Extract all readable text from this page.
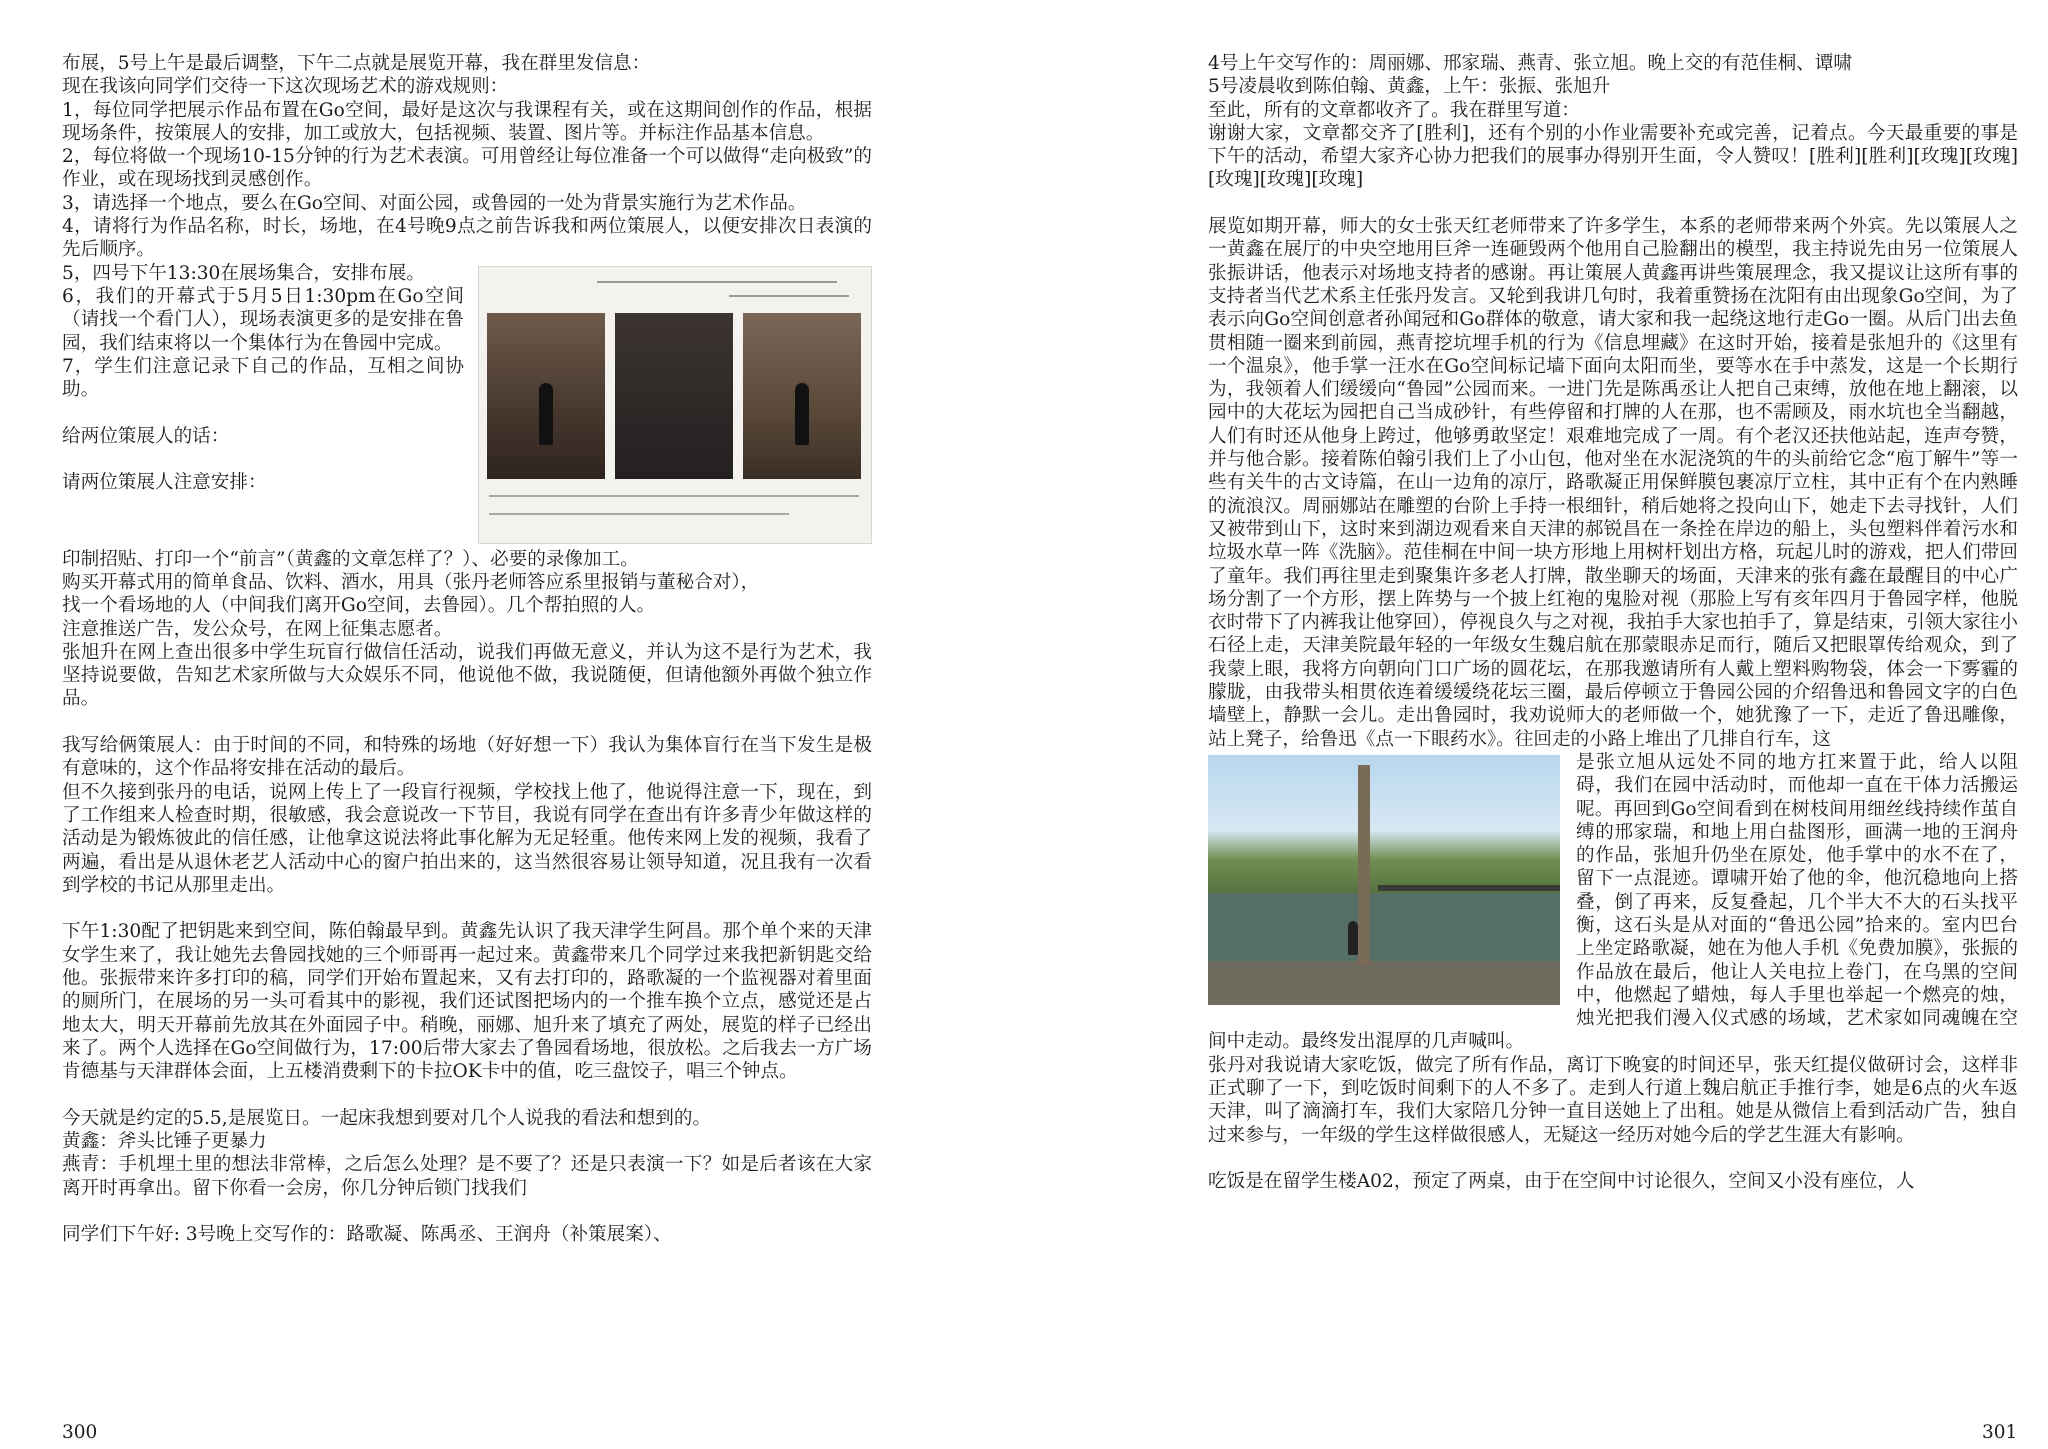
布展，5号上午是最后调整，下午二点就是展览开幕，我在群里发信息：

现在我该向同学们交待一下这次现场艺术的游戏规则：

1，每位同学把展示作品布置在Go空间，最好是这次与我课程有关，或在这期间创作的作品，根据现场条件，按策展人的安排，加工或放大，包括视频、装置、图片等。并标注作品基本信息。

2，每位将做一个现场10-15分钟的行为艺术表演。可用曾经让每位准备一个可以做得“走向极致”的作业，或在现场找到灵感创作。

3，请选择一个地点，要么在Go空间、对面公园，或鲁园的一处为背景实施行为艺术作品。

4，请将行为作品名称，时长，场地，在4号晚9点之前告诉我和两位策展人，以便安排次日表演的先后顺序。

5，四号下午13:30在展场集合，安排布展。

6，我们的开幕式于5月5日1:30pm在Go空间（请找一个看门人），现场表演更多的是安排在鲁园，我们结束将以一个集体行为在鲁园中完成。

7，学生们注意记录下自己的作品，互相之间协助。

给两位策展人的话：

请两位策展人注意安排：

印制招贴、打印一个“前言”（黄鑫的文章怎样了？）、必要的录像加工。

购买开幕式用的简单食品、饮料、酒水，用具（张丹老师答应系里报销与董秘合对），

找一个看场地的人（中间我们离开Go空间，去鲁园）。几个帮拍照的人。

注意推送广告，发公众号，在网上征集志愿者。

张旭升在网上查出很多中学生玩盲行做信任活动，说我们再做无意义，并认为这不是行为艺术，我坚持说要做，告知艺术家所做与大众娱乐不同，他说他不做，我说随便，但请他额外再做个独立作品。

我写给俩策展人：由于时间的不同，和特殊的场地（好好想一下）我认为集体盲行在当下发生是极有意味的，这个作品将安排在活动的最后。

但不久接到张丹的电话，说网上传上了一段盲行视频，学校找上他了，他说得注意一下，现在，到了工作组来人检查时期，很敏感，我会意说改一下节目，我说有同学在查出有许多青少年做这样的活动是为锻炼彼此的信任感，让他拿这说法将此事化解为无足轻重。他传来网上发的视频，我看了两遍，看出是从退休老艺人活动中心的窗户拍出来的，这当然很容易让领导知道，况且我有一次看到学校的书记从那里走出。

下午1:30配了把钥匙来到空间，陈伯翰最早到。黄鑫先认识了我天津学生阿昌。那个单个来的天津女学生来了，我让她先去鲁园找她的三个师哥再一起过来。黄鑫带来几个同学过来我把新钥匙交给他。张振带来许多打印的稿，同学们开始布置起来，又有去打印的，路歌凝的一个监视器对着里面的厕所门，在展场的另一头可看其中的影视，我们还试图把场内的一个推车换个立点，感觉还是占地太大，明天开幕前先放其在外面园子中。稍晚，丽娜、旭升来了填充了两处，展览的样子已经出来了。两个人选择在Go空间做行为，17:00后带大家去了鲁园看场地，很放松。之后我去一方广场肯德基与天津群体会面，上五楼消费剩下的卡拉OK卡中的值，吃三盘饺子，唱三个钟点。

今天就是约定的5.5,是展览日。一起床我想到要对几个人说我的看法和想到的。

黄鑫：斧头比锤子更暴力

燕青：手机埋土里的想法非常棒，之后怎么处理？是不要了？还是只表演一下？如是后者该在大家离开时再拿出。留下你看一会房，你几分钟后锁门找我们

同学们下午好: 3号晚上交写作的：路歌凝、陈禹丞、王润舟（补策展案）、

300

4号上午交写作的：周丽娜、邢家瑞、燕青、张立旭。晚上交的有范佳桐、谭啸

5号凌晨收到陈伯翰、黄鑫，上午：张振、张旭升

至此，所有的文章都收齐了。我在群里写道：

谢谢大家，文章都交齐了[胜利]，还有个别的小作业需要补充或完善，记着点。今天最重要的事是下午的活动，希望大家齐心协力把我们的展事办得别开生面，令人赞叹！[胜利][胜利][玫瑰][玫瑰][玫瑰][玫瑰][玫瑰]

展览如期开幕，师大的女士张天红老师带来了许多学生，本系的老师带来两个外宾。先以策展人之一黄鑫在展厅的中央空地用巨斧一连砸毁两个他用自己脸翻出的模型，我主持说先由另一位策展人张振讲话，他表示对场地支持者的感谢。再让策展人黄鑫再讲些策展理念，我又提议让这所有事的支持者当代艺术系主任张丹发言。又轮到我讲几句时，我着重赞扬在沈阳有由出现象Go空间，为了表示向Go空间创意者孙闻冠和Go群体的敬意，请大家和我一起绕这地行走Go一圈。从后门出去鱼贯相随一圈来到前园，燕青挖坑埋手机的行为《信息埋藏》在这时开始，接着是张旭升的《这里有一个温泉》，他手掌一汪水在Go空间标记墙下面向太阳而坐，要等水在手中蒸发，这是一个长期行为，我领着人们缓缓向“鲁园”公园而来。一进门先是陈禹丞让人把自己束缚，放他在地上翻滚，以园中的大花坛为园把自己当成砂针，有些停留和打牌的人在那，也不需顾及，雨水坑也全当翻越，人们有时还从他身上跨过，他够勇敢坚定！艰难地完成了一周。有个老汉还扶他站起，连声夸赞，并与他合影。接着陈伯翰引我们上了小山包，他对坐在水泥浇筑的牛的头前给它念“庖丁解牛”等一些有关牛的古文诗篇，在山一边角的凉厅，路歌凝正用保鲜膜包裹凉厅立柱，其中正有个在内熟睡的流浪汉。周丽娜站在雕塑的台阶上手持一根细针，稍后她将之投向山下，她走下去寻找针，人们又被带到山下，这时来到湖边观看来自天津的郝锐昌在一条拴在岸边的船上，头包塑料伴着污水和垃圾水草一阵《洗脑》。范佳桐在中间一块方形地上用树杆划出方格，玩起儿时的游戏，把人们带回了童年。我们再往里走到聚集许多老人打牌，散坐聊天的场面，天津来的张有鑫在最醒目的中心广场分割了一个方形，摆上阵势与一个披上红袍的鬼脸对视（那脸上写有亥年四月于鲁园字样，他脱衣时带下了内裤我让他穿回），停视良久与之对视，我拍手大家也拍手了，算是结束，引领大家往小石径上走，天津美院最年轻的一年级女生魏启航在那蒙眼赤足而行，随后又把眼罩传给观众，到了我蒙上眼，我将方向朝向门口广场的圆花坛，在那我邀请所有人戴上塑料购物袋，体会一下雾霾的朦胧，由我带头相贯依连着缓缓绕花坛三圈，最后停顿立于鲁园公园的介绍鲁迅和鲁园文字的白色墙壁上，静默一会儿。走出鲁园时，我劝说师大的老师做一个，她犹豫了一下，走近了鲁迅雕像，站上凳子，给鲁迅《点一下眼药水》。往回走的小路上堆出了几排自行车，这

是张立旭从远处不同的地方扛来置于此，给人以阻碍，我们在园中活动时，而他却一直在干体力活搬运呢。再回到Go空间看到在树枝间用细丝线持续作茧自缚的邢家瑞，和地上用白盐图形，画满一地的王润舟的作品，张旭升仍坐在原处，他手掌中的水不在了，留下一点混迹。谭啸开始了他的伞，他沉稳地向上搭叠，倒了再来，反复叠起，几个半大不大的石头找平衡，这石头是从对面的“鲁迅公园”拾来的。室内巴台上坐定路歌凝，她在为他人手机《免费加膜》，张振的作品放在最后，他让人关电拉上卷门，在乌黑的空间中，他燃起了蜡烛，每人手里也举起一个燃亮的烛，烛光把我们漫入仪式感的场域，艺术家如同魂魄在空间中走动。最终发出混厚的几声喊叫。

张丹对我说请大家吃饭，做完了所有作品，离订下晚宴的时间还早，张天红提仪做研讨会，这样非正式聊了一下，到吃饭时间剩下的人不多了。走到人行道上魏启航正手推行李，她是6点的火车返天津，叫了滴滴打车，我们大家陪几分钟一直目送她上了出租。她是从微信上看到活动广告，独自过来参与，一年级的学生这样做很感人，无疑这一经历对她今后的学艺生涯大有影响。

吃饭是在留学生楼A02，预定了两桌，由于在空间中讨论很久，空间又小没有座位，人

301
